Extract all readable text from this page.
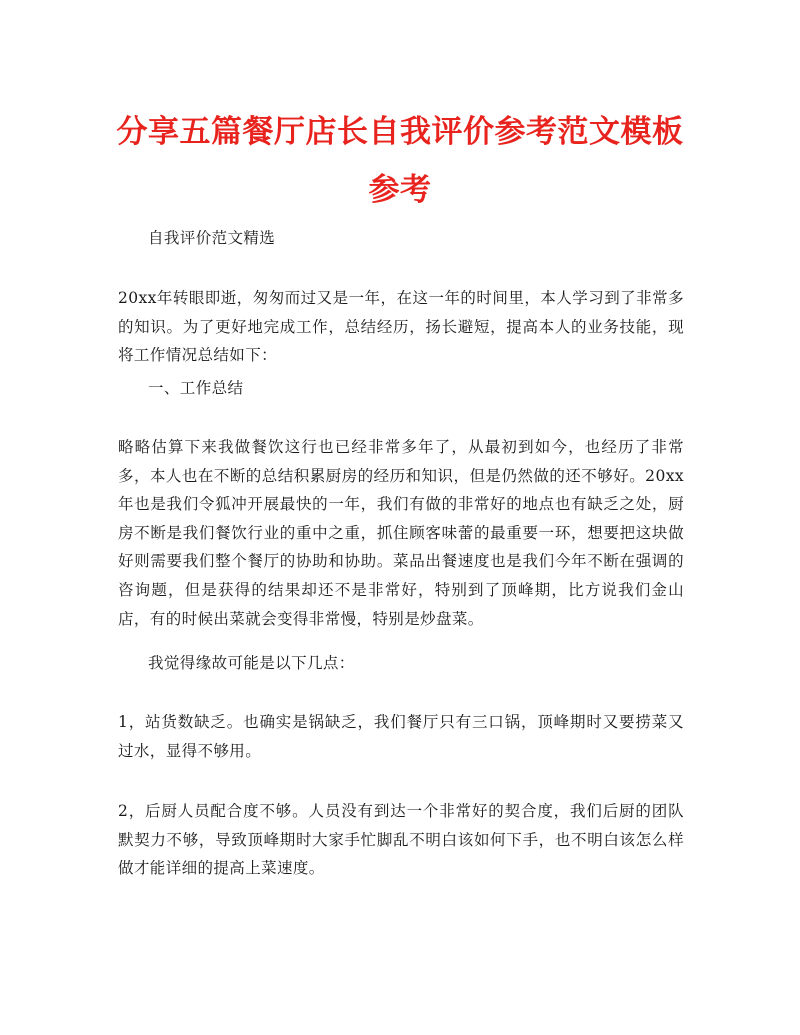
分享五篇餐厅店长自我评价参考范文模板
参考
自我评价范文精选
20xx年转眼即逝，匆匆而过又是一年，在这一年的时间里，本人学习到了非常多的知识。为了更好地完成工作，总结经历，扬长避短，提高本人的业务技能，现将工作情况总结如下：
一、工作总结
略略估算下来我做餐饮这行也已经非常多年了，从最初到如今，也经历了非常多，本人也在不断的总结积累厨房的经历和知识，但是仍然做的还不够好。20xx年也是我们令狐冲开展最快的一年，我们有做的非常好的地点也有缺乏之处，厨房不断是我们餐饮行业的重中之重，抓住顾客味蕾的最重要一环，想要把这块做好则需要我们整个餐厅的协助和协助。菜品出餐速度也是我们今年不断在强调的咨询题，但是获得的结果却还不是非常好，特别到了顶峰期，比方说我们金山店，有的时候出菜就会变得非常慢，特别是炒盘菜。
我觉得缘故可能是以下几点：
1，站货数缺乏。也确实是锅缺乏，我们餐厅只有三口锅，顶峰期时又要捞菜又过水，显得不够用。
2，后厨人员配合度不够。人员没有到达一个非常好的契合度，我们后厨的团队默契力不够，导致顶峰期时大家手忙脚乱不明白该如何下手，也不明白该怎么样做才能详细的提高上菜速度。
